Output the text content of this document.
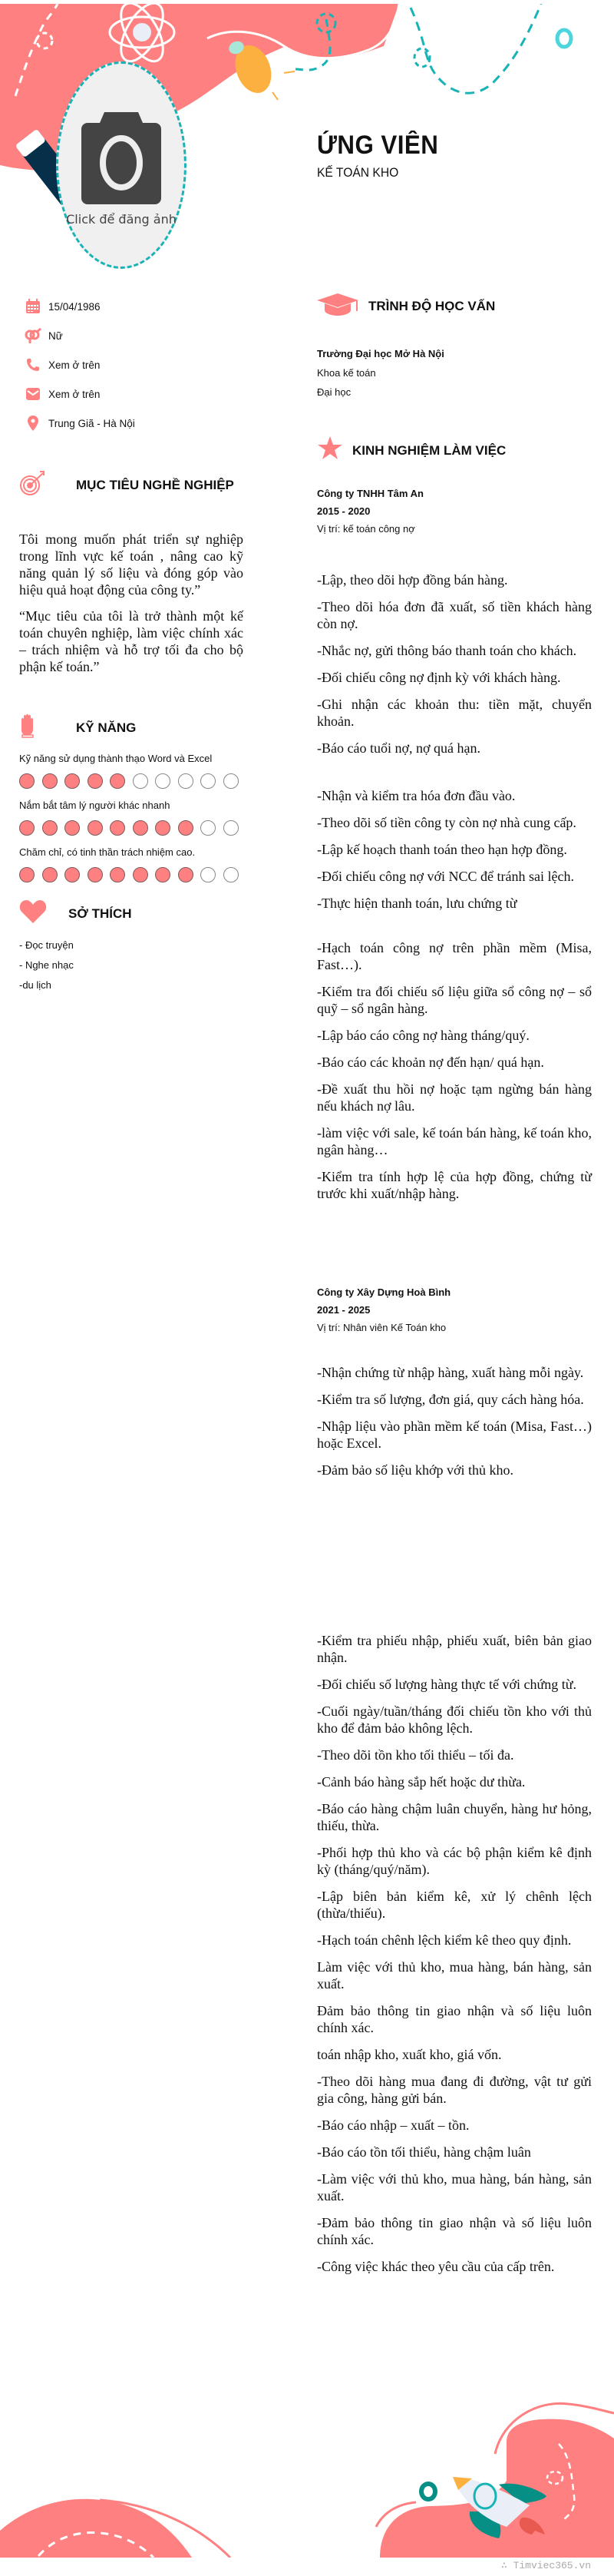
Click để đăng ảnh
ỨNG VIÊN
KẾ TOÁN KHO
15/04/1986
Nữ
Xem ở trên
Xem ở trên
Trung Giã - Hà Nội
MỤC TIÊU NGHỀ NGHIỆP

Tôi mong muốn phát triển sự nghiệp trong lĩnh vực kế toán , nâng cao kỹ năng quản lý số liệu và đóng góp vào hiệu quả hoạt động của công ty.”

“Mục tiêu của tôi là trở thành một kế toán chuyên nghiệp, làm việc chính xác – trách nhiệm và hỗ trợ tối đa cho bộ phận kế toán.”

KỸ NĂNG
Kỹ năng sử dụng thành thạo Word và Excel
Nắm bắt tâm lý người khác nhanh
Chăm chỉ, có tinh thần trách nhiệm cao.
SỞ THÍCH
- Đọc truyện
- Nghe nhạc
-du lịch
TRÌNH ĐỘ HỌC VẤN
Trường Đại học Mở Hà Nội
Khoa kế toán
Đại học
KINH NGHIỆM LÀM VIỆC
Công ty TNHH Tâm An
2015 - 2020
Vị trí: kế toán công nợ

-Lập, theo dõi hợp đồng bán hàng.

-Theo dõi hóa đơn đã xuất, số tiền khách hàng còn nợ.

-Nhắc nợ, gửi thông báo thanh toán cho khách.

-Đối chiếu công nợ định kỳ với khách hàng.

-Ghi nhận các khoản thu: tiền mặt, chuyển khoản.

-Báo cáo tuổi nợ, nợ quá hạn.

-Nhận và kiểm tra hóa đơn đầu vào.

-Theo dõi số tiền công ty còn nợ nhà cung cấp.

-Lập kế hoạch thanh toán theo hạn hợp đồng.

-Đối chiếu công nợ với NCC để tránh sai lệch.

-Thực hiện thanh toán, lưu chứng từ

-Hạch toán công nợ trên phần mềm (Misa, Fast…).

-Kiểm tra đối chiếu số liệu giữa sổ công nợ – sổ quỹ – sổ ngân hàng.

-Lập báo cáo công nợ hàng tháng/quý.

-Báo cáo các khoản nợ đến hạn/ quá hạn.

-Đề xuất thu hồi nợ hoặc tạm ngừng bán hàng nếu khách nợ lâu.

-làm việc với sale, kế toán bán hàng, kế toán kho, ngân hàng…

-Kiểm tra tính hợp lệ của hợp đồng, chứng từ trước khi xuất/nhập hàng.

Công ty Xây Dựng Hoà Bình
2021 - 2025
Vị trí: Nhân viên Kế Toán kho

-Nhận chứng từ nhập hàng, xuất hàng mỗi ngày.

-Kiểm tra số lượng, đơn giá, quy cách hàng hóa.

-Nhập liệu vào phần mềm kế toán (Misa, Fast…) hoặc Excel.

-Đảm bảo số liệu khớp với thủ kho.

-Kiểm tra phiếu nhập, phiếu xuất, biên bản giao nhận.

-Đối chiếu số lượng hàng thực tế với chứng từ.

-Cuối ngày/tuần/tháng đối chiếu tồn kho với thủ kho để đảm bảo không lệch.

-Theo dõi tồn kho tối thiểu – tối đa.

-Cảnh báo hàng sắp hết hoặc dư thừa.

-Báo cáo hàng chậm luân chuyển, hàng hư hỏng, thiếu, thừa.

-Phối hợp thủ kho và các bộ phận kiểm kê định kỳ (tháng/quý/năm).

-Lập biên bản kiểm kê, xử lý chênh lệch (thừa/thiếu).

-Hạch toán chênh lệch kiểm kê theo quy định.

Làm việc với thủ kho, mua hàng, bán hàng, sản xuất.

Đảm bảo thông tin giao nhận và số liệu luôn chính xác.

toán nhập kho, xuất kho, giá vốn.

-Theo dõi hàng mua đang đi đường, vật tư gửi gia công, hàng gửi bán.

-Báo cáo nhập – xuất – tồn.

-Báo cáo tồn tối thiểu, hàng chậm luân

-Làm việc với thủ kho, mua hàng, bán hàng, sản xuất.

-Đảm bảo thông tin giao nhận và số liệu luôn chính xác.

-Công việc khác theo yêu cầu của cấp trên.

∴ Timviec365.vn
